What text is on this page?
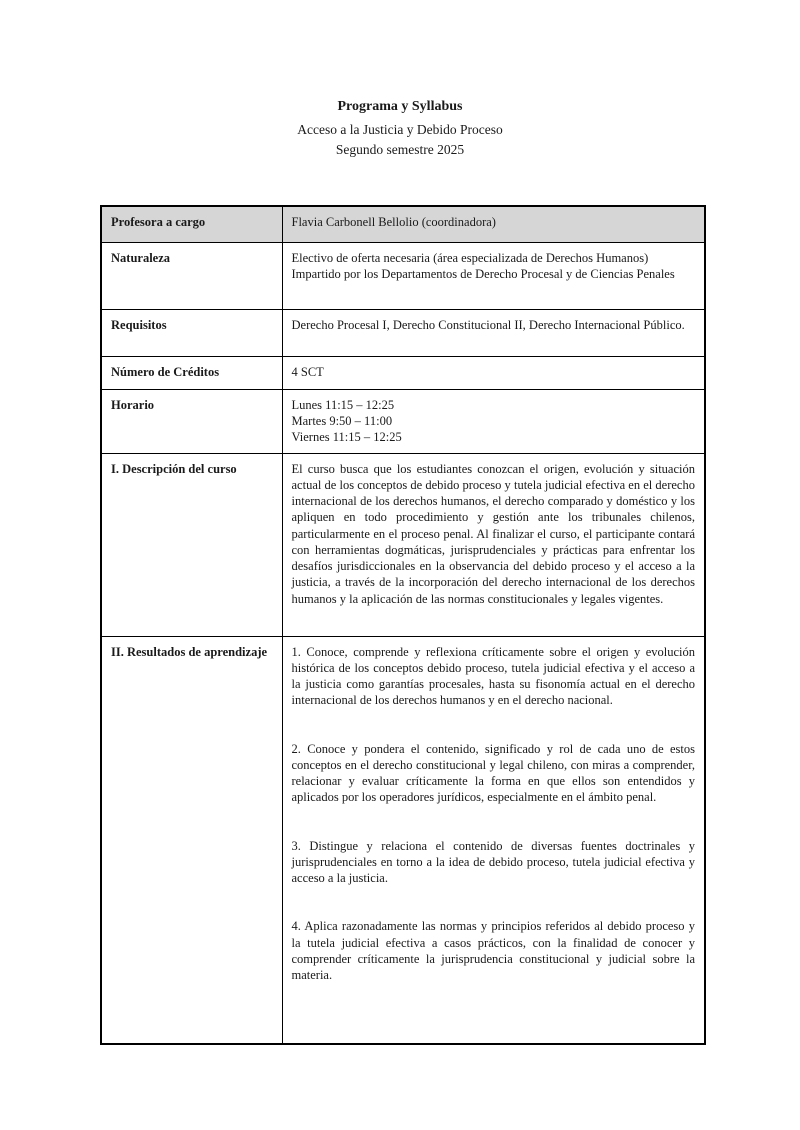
Programa y Syllabus
Acceso a la Justicia y Debido Proceso
Segundo semestre 2025
Profesora a cargo	Flavia Carbonell Bellolio (coordinadora)

Naturaleza	Electivo de oferta necesaria (área especializada de Derechos Humanos)

Impartido por los Departamentos de Derecho Procesal y de Ciencias Penales

Requisitos	Derecho Procesal I, Derecho Constitucional II, Derecho Internacional Público.

Número de Créditos	4 SCT

Horario	Lunes 11:15 – 12:25

Martes 9:50 – 11:00

Viernes 11:15 – 12:25

I. Descripción del curso	El curso busca que los estudiantes conozcan el origen, evolución y situación actual de los conceptos de debido proceso y tutela judicial efectiva en el derecho internacional de los derechos humanos, el derecho comparado y doméstico y los apliquen en todo procedimiento y gestión ante los tribunales chilenos, particularmente en el proceso penal. Al finalizar el curso, el participante contará con herramientas dogmáticas, jurisprudenciales y prácticas para enfrentar los desafíos jurisdiccionales en la observancia del debido proceso y el acceso a la justicia, a través de la incorporación del derecho internacional de los derechos humanos y la aplicación de las normas constitucionales y legales vigentes.

II. Resultados de aprendizaje	1. Conoce, comprende y reflexiona críticamente sobre el origen y evolución histórica de los conceptos debido proceso, tutela judicial efectiva y el acceso a la justicia como garantías procesales, hasta su fisonomía actual en el derecho internacional de los derechos humanos y en el derecho nacional.

2. Conoce y pondera el contenido, significado y rol de cada uno de estos conceptos en el derecho constitucional y legal chileno, con miras a comprender, relacionar y evaluar críticamente la forma en que ellos son entendidos y aplicados por los operadores jurídicos, especialmente en el ámbito penal.

3. Distingue y relaciona el contenido de diversas fuentes doctrinales y jurisprudenciales en torno a la idea de debido proceso, tutela judicial efectiva y acceso a la justicia.

4. Aplica razonadamente las normas y principios referidos al debido proceso y la tutela judicial efectiva a casos prácticos, con la finalidad de conocer y comprender críticamente la jurisprudencia constitucional y judicial sobre la materia.
